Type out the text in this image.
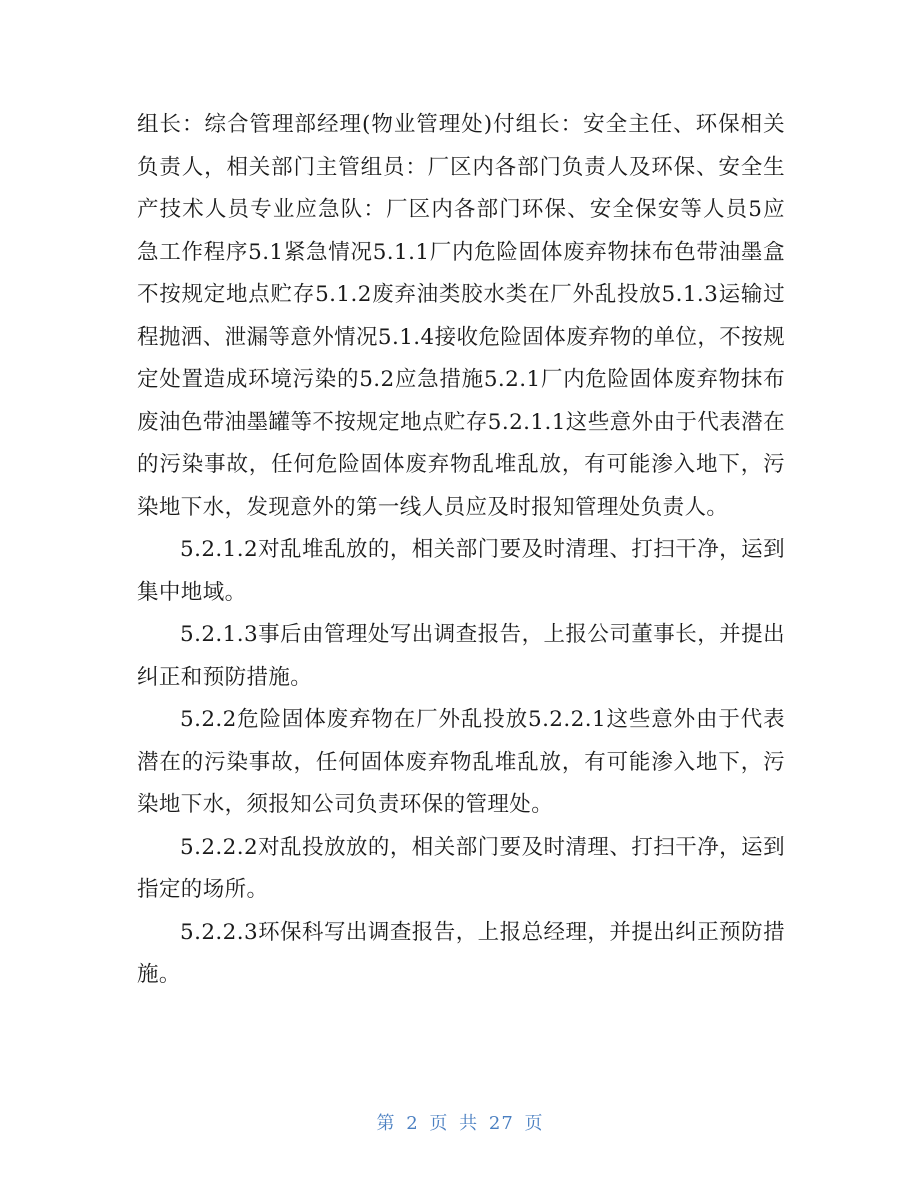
组长：综合管理部经理(物业管理处)付组长：安全主任、环保相关负责人，相关部门主管组员：厂区内各部门负责人及环保、安全生产技术人员专业应急队：厂区内各部门环保、安全保安等人员5应急工作程序5.1紧急情况5.1.1厂内危险固体废弃物抹布色带油墨盒不按规定地点贮存5.1.2废弃油类胶水类在厂外乱投放5.1.3运输过程抛洒、泄漏等意外情况5.1.4接收危险固体废弃物的单位，不按规定处置造成环境污染的5.2应急措施5.2.1厂内危险固体废弃物抹布废油色带油墨罐等不按规定地点贮存5.2.1.1这些意外由于代表潜在的污染事故，任何危险固体废弃物乱堆乱放，有可能渗入地下，污染地下水，发现意外的第一线人员应及时报知管理处负责人。

5.2.1.2对乱堆乱放的，相关部门要及时清理、打扫干净，运到集中地域。

5.2.1.3事后由管理处写出调查报告，上报公司董事长，并提出纠正和预防措施。

5.2.2危险固体废弃物在厂外乱投放5.2.2.1这些意外由于代表潜在的污染事故，任何固体废弃物乱堆乱放，有可能渗入地下，污染地下水，须报知公司负责环保的管理处。

5.2.2.2对乱投放放的，相关部门要及时清理、打扫干净，运到指定的场所。

5.2.2.3环保科写出调查报告，上报总经理，并提出纠正预防措施。

第 2 页 共 27 页
